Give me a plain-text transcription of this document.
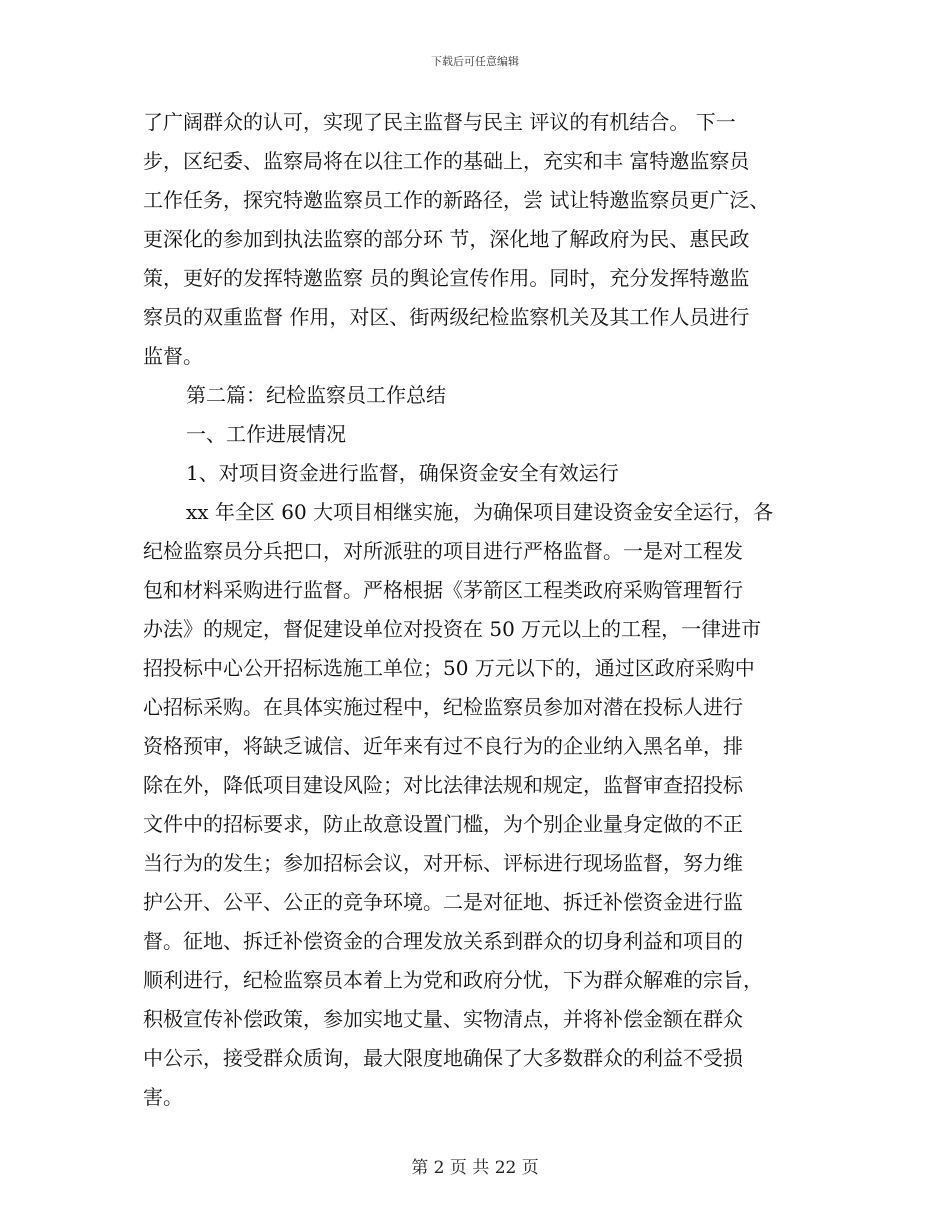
下载后可任意编辑
了广阔群众的认可，实现了民主监督与民主 评议的有机结合。 下一
步，区纪委、监察局将在以往工作的基础上，充实和丰 富特邀监察员
工作任务，探究特邀监察员工作的新路径，尝 试让特邀监察员更广泛、
更深化的参加到执法监察的部分环 节，深化地了解政府为民、惠民政
策，更好的发挥特邀监察 员的舆论宣传作用。同时，充分发挥特邀监
察员的双重监督 作用，对区、街两级纪检监察机关及其工作人员进行
监督。
第二篇：纪检监察员工作总结
一、工作进展情况
1、对项目资金进行监督，确保资金安全有效运行
xx 年全区 60 大项目相继实施，为确保项目建设资金安全运行，各
纪检监察员分兵把口，对所派驻的项目进行严格监督。一是对工程发
包和材料采购进行监督。严格根据《茅箭区工程类政府采购管理暂行
办法》的规定，督促建设单位对投资在 50 万元以上的工程，一律进市
招投标中心公开招标选施工单位；50 万元以下的，通过区政府采购中
心招标采购。在具体实施过程中，纪检监察员参加对潜在投标人进行
资格预审，将缺乏诚信、近年来有过不良行为的企业纳入黑名单，排
除在外，降低项目建设风险；对比法律法规和规定，监督审查招投标
文件中的招标要求，防止故意设置门槛，为个别企业量身定做的不正
当行为的发生；参加招标会议，对开标、评标进行现场监督，努力维
护公开、公平、公正的竞争环境。二是对征地、拆迁补偿资金进行监
督。征地、拆迁补偿资金的合理发放关系到群众的切身利益和项目的
顺利进行，纪检监察员本着上为党和政府分忧，下为群众解难的宗旨，
积极宣传补偿政策，参加实地丈量、实物清点，并将补偿金额在群众
中公示，接受群众质询，最大限度地确保了大多数群众的利益不受损
害。
第 2 页 共 22 页
